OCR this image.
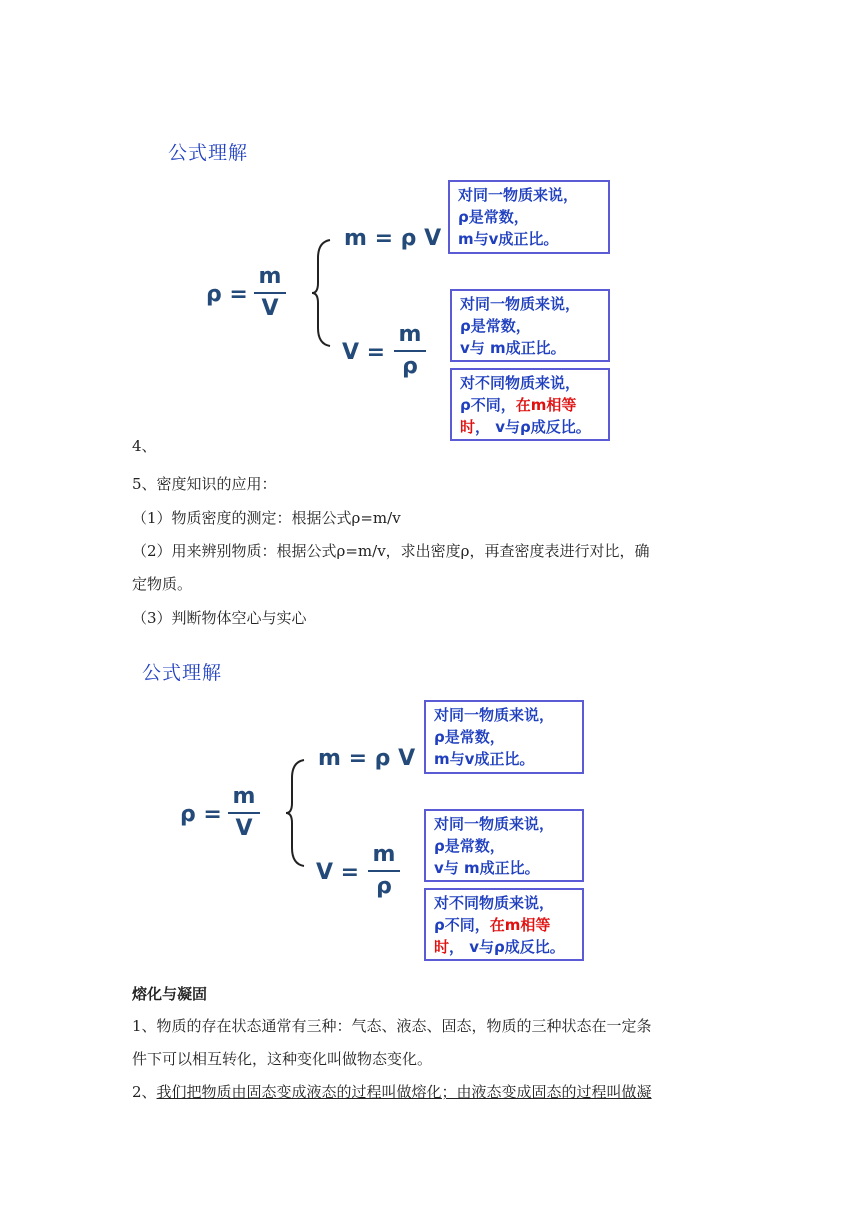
公式理解
ρ =
m
V
m = ρ V
V =
m
ρ
对同一物质来说，
ρ是常数，
m与v成正比。
对同一物质来说，
ρ是常数，
v与 m成正比。
对不同物质来说，
ρ不同，在m相等
时， v与ρ成反比。
4、
5、密度知识的应用：
（1）物质密度的测定：根据公式ρ=m/v
（2）用来辨别物质：根据公式ρ=m/v，求出密度ρ，再查密度表进行对比，确
定物质。
（3）判断物体空心与实心
公式理解
ρ =
m
V
m = ρ V
V =
m
ρ
对同一物质来说，
ρ是常数，
m与v成正比。
对同一物质来说，
ρ是常数，
v与 m成正比。
对不同物质来说，
ρ不同，在m相等
时， v与ρ成反比。
熔化与凝固
1、物质的存在状态通常有三种：气态、液态、固态，物质的三种状态在一定条
件下可以相互转化，这种变化叫做物态变化。
2、我们把物质由固态变成液态的过程叫做熔化；由液态变成固态的过程叫做凝
